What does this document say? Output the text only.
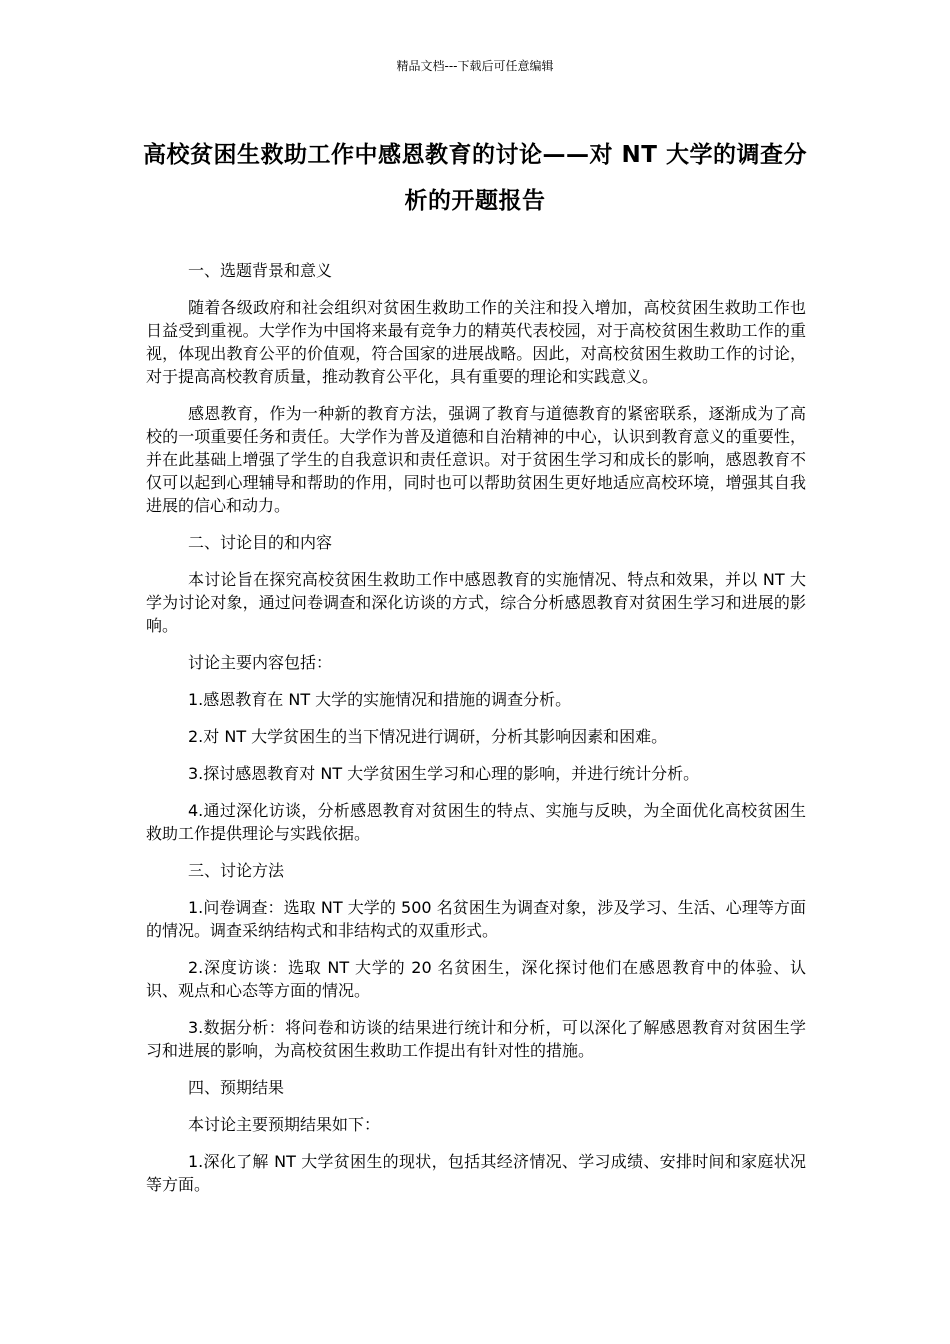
精品文档---下载后可任意编辑
高校贫困生救助工作中感恩教育的讨论——对 NT 大学的调查分析的开题报告

一、选题背景和意义

随着各级政府和社会组织对贫困生救助工作的关注和投入增加，高校贫困生救助工作也日益受到重视。大学作为中国将来最有竞争力的精英代表校园，对于高校贫困生救助工作的重视，体现出教育公平的价值观，符合国家的进展战略。因此，对高校贫困生救助工作的讨论，对于提高高校教育质量，推动教育公平化，具有重要的理论和实践意义。

感恩教育，作为一种新的教育方法，强调了教育与道德教育的紧密联系，逐渐成为了高校的一项重要任务和责任。大学作为普及道德和自治精神的中心，认识到教育意义的重要性，并在此基础上增强了学生的自我意识和责任意识。对于贫困生学习和成长的影响，感恩教育不仅可以起到心理辅导和帮助的作用，同时也可以帮助贫困生更好地适应高校环境，增强其自我进展的信心和动力。

二、讨论目的和内容

本讨论旨在探究高校贫困生救助工作中感恩教育的实施情况、特点和效果，并以 NT 大学为讨论对象，通过问卷调查和深化访谈的方式，综合分析感恩教育对贫困生学习和进展的影响。

讨论主要内容包括：

1.感恩教育在 NT 大学的实施情况和措施的调查分析。

2.对 NT 大学贫困生的当下情况进行调研，分析其影响因素和困难。

3.探讨感恩教育对 NT 大学贫困生学习和心理的影响，并进行统计分析。

4.通过深化访谈，分析感恩教育对贫困生的特点、实施与反映，为全面优化高校贫困生救助工作提供理论与实践依据。

三、讨论方法

1.问卷调查：选取 NT 大学的 500 名贫困生为调查对象，涉及学习、生活、心理等方面的情况。调查采纳结构式和非结构式的双重形式。

2.深度访谈：选取 NT 大学的 20 名贫困生，深化探讨他们在感恩教育中的体验、认识、观点和心态等方面的情况。

3.数据分析：将问卷和访谈的结果进行统计和分析，可以深化了解感恩教育对贫困生学习和进展的影响，为高校贫困生救助工作提出有针对性的措施。

四、预期结果

本讨论主要预期结果如下：

1.深化了解 NT 大学贫困生的现状，包括其经济情况、学习成绩、安排时间和家庭状况等方面。
